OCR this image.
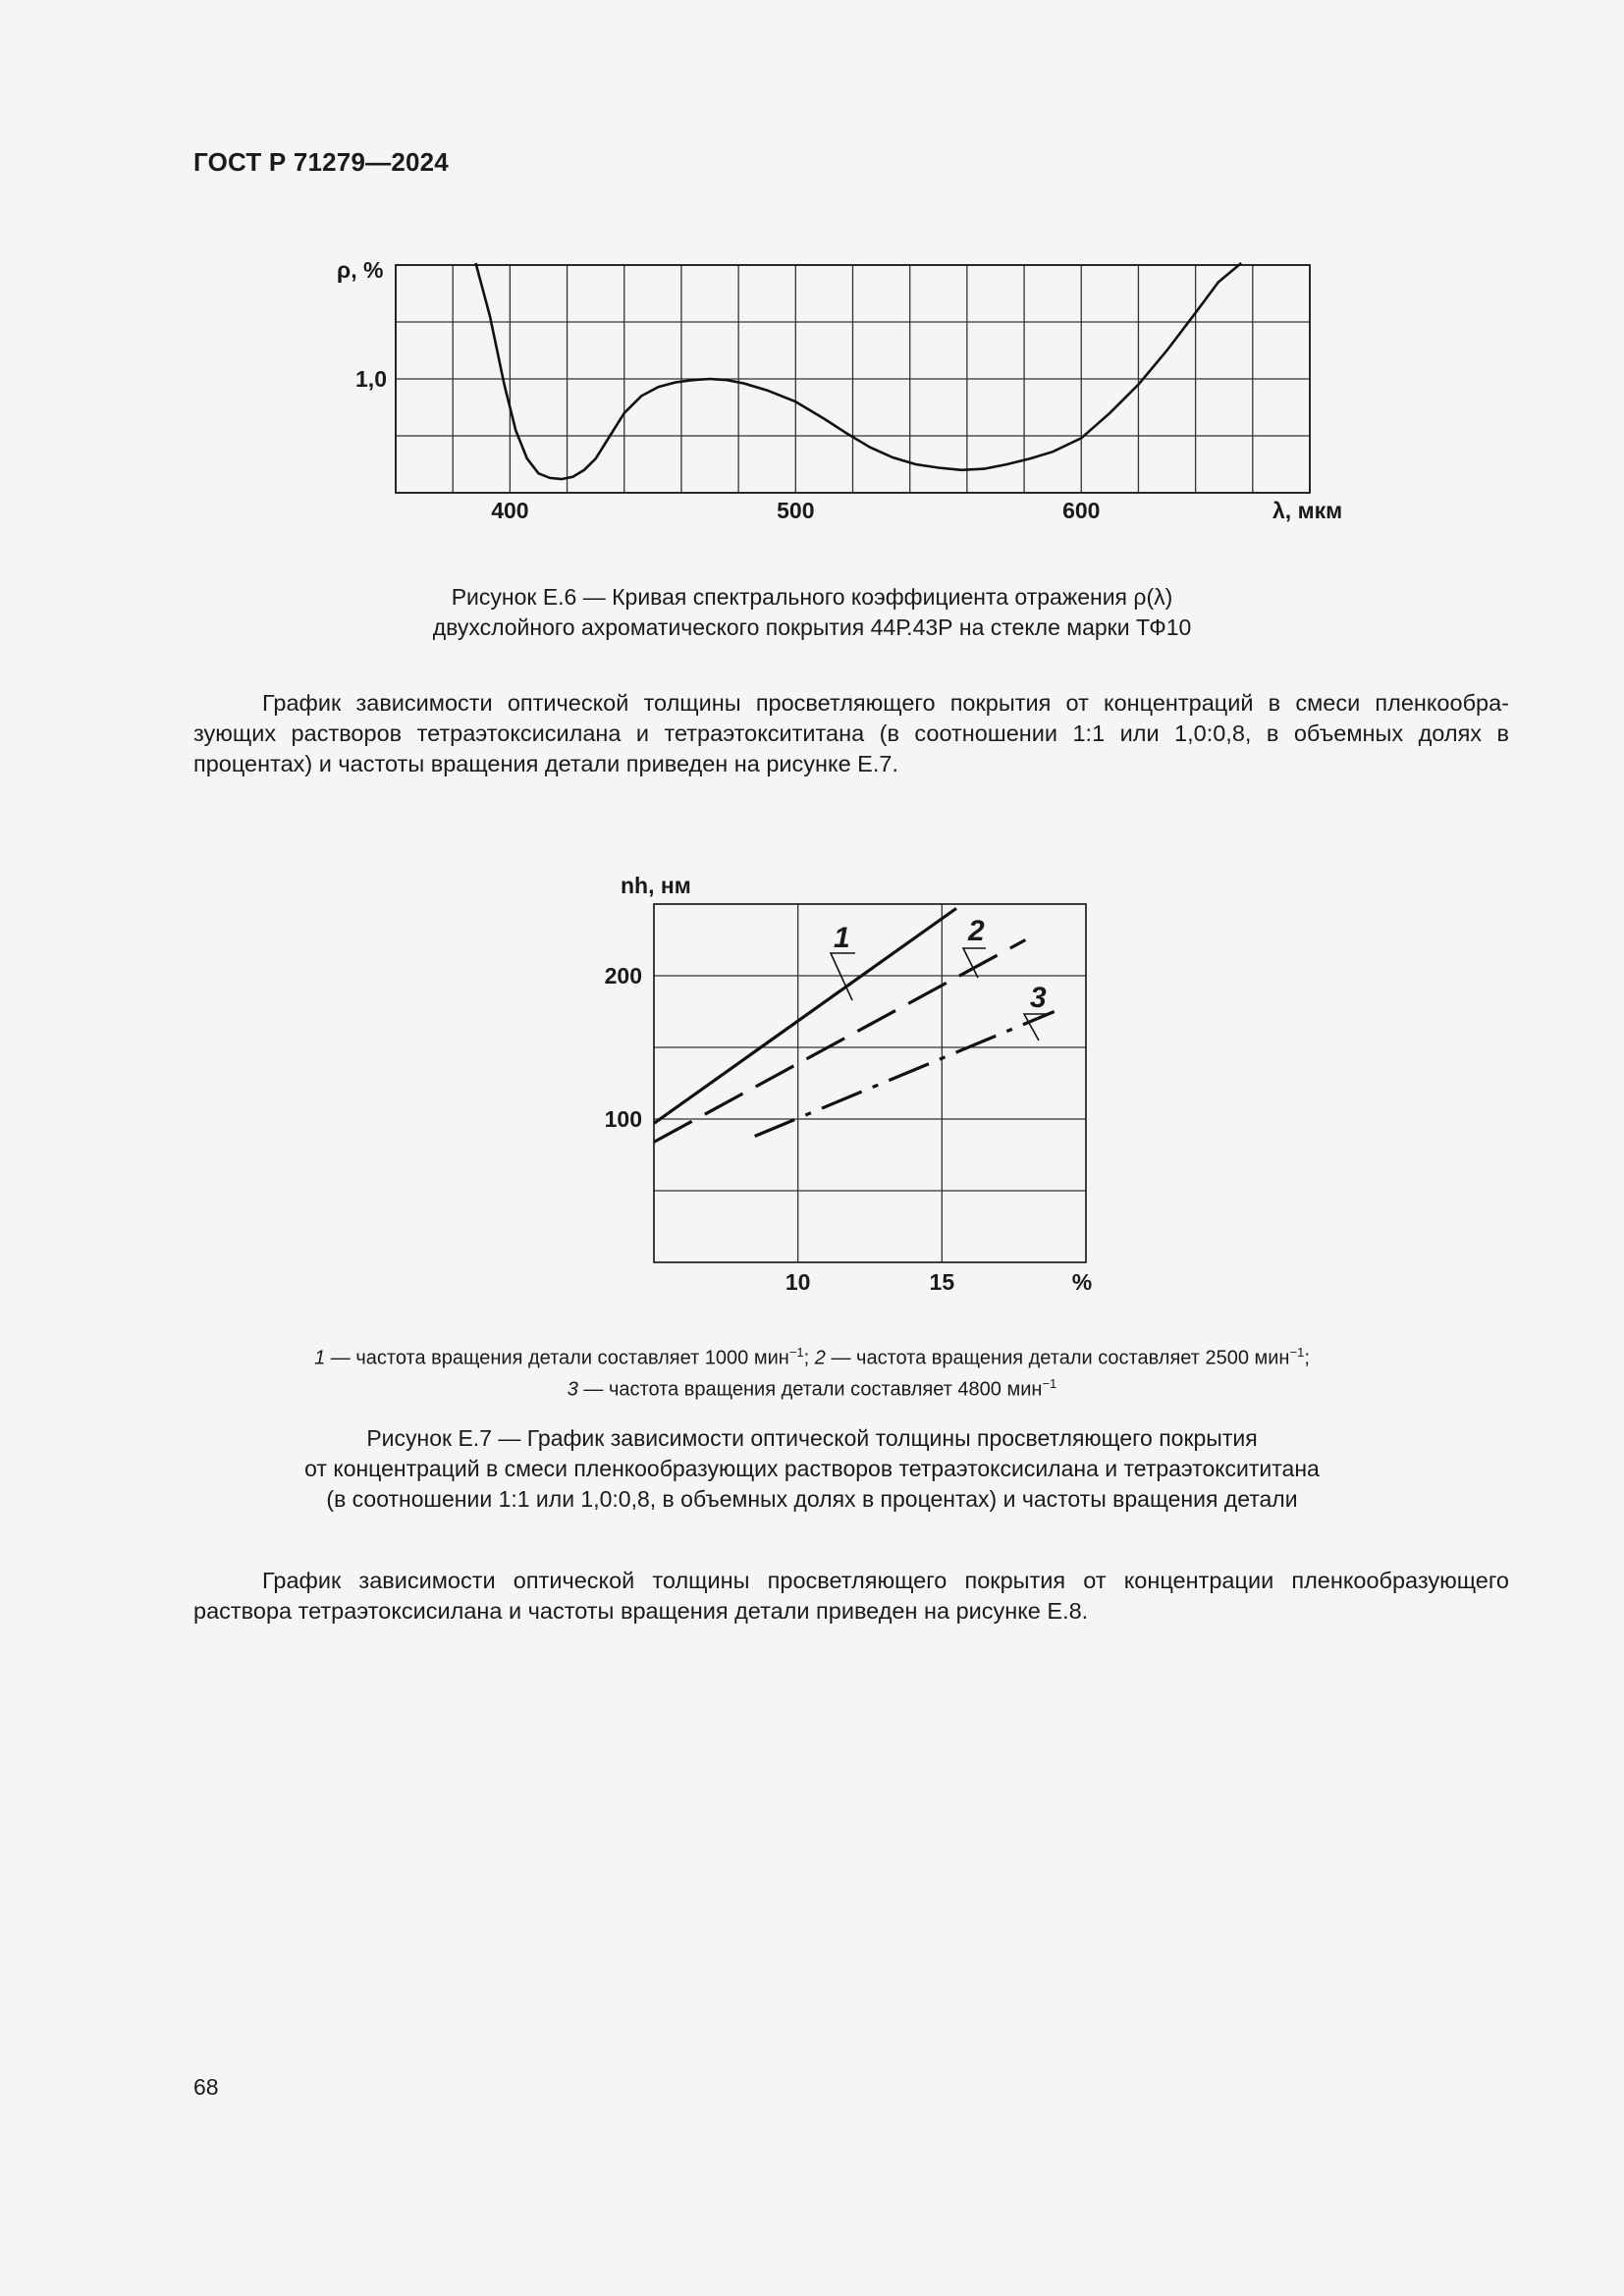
ГОСТ Р 71279—2024
400	500	600
1,0
ρ, %
λ, мкм
Рисунок Е.6 — Кривая спектрального коэффициента отражения ρ(λ)
двухслойного ахроматического покрытия 44Р.43Р на стекле марки ТФ10
График зависимости оптической толщины просветляющего покрытия от концентраций в смеси пленкообра-
зующих растворов тетраэтоксисилана и тетраэтоксититана (в соотношении 1:1 или 1,0:0,8, в объемных долях в
процентах) и частоты вращения детали приведен на рисунке Е.7.
10	15	%
100
200
1	2
3
nh, нм
1 — частота вращения детали составляет 1000 мин$^{-1}$; 2 — частота вращения детали составляет 2500 мин$^{-1}$;
3 — частота вращения детали составляет 4800 мин$^{-1}$
Рисунок Е.7 — График зависимости оптической толщины просветляющего покрытия
от концентраций в смеси пленкообразующих растворов тетраэтоксисилана и тетраэтоксититана
(в соотношении 1:1 или 1,0:0,8, в объемных долях в процентах) и частоты вращения детали
График зависимости оптической толщины просветляющего покрытия от концентрации пленкообразующего
раствора тетраэтоксисилана и частоты вращения детали приведен на рисунке Е.8.
68
